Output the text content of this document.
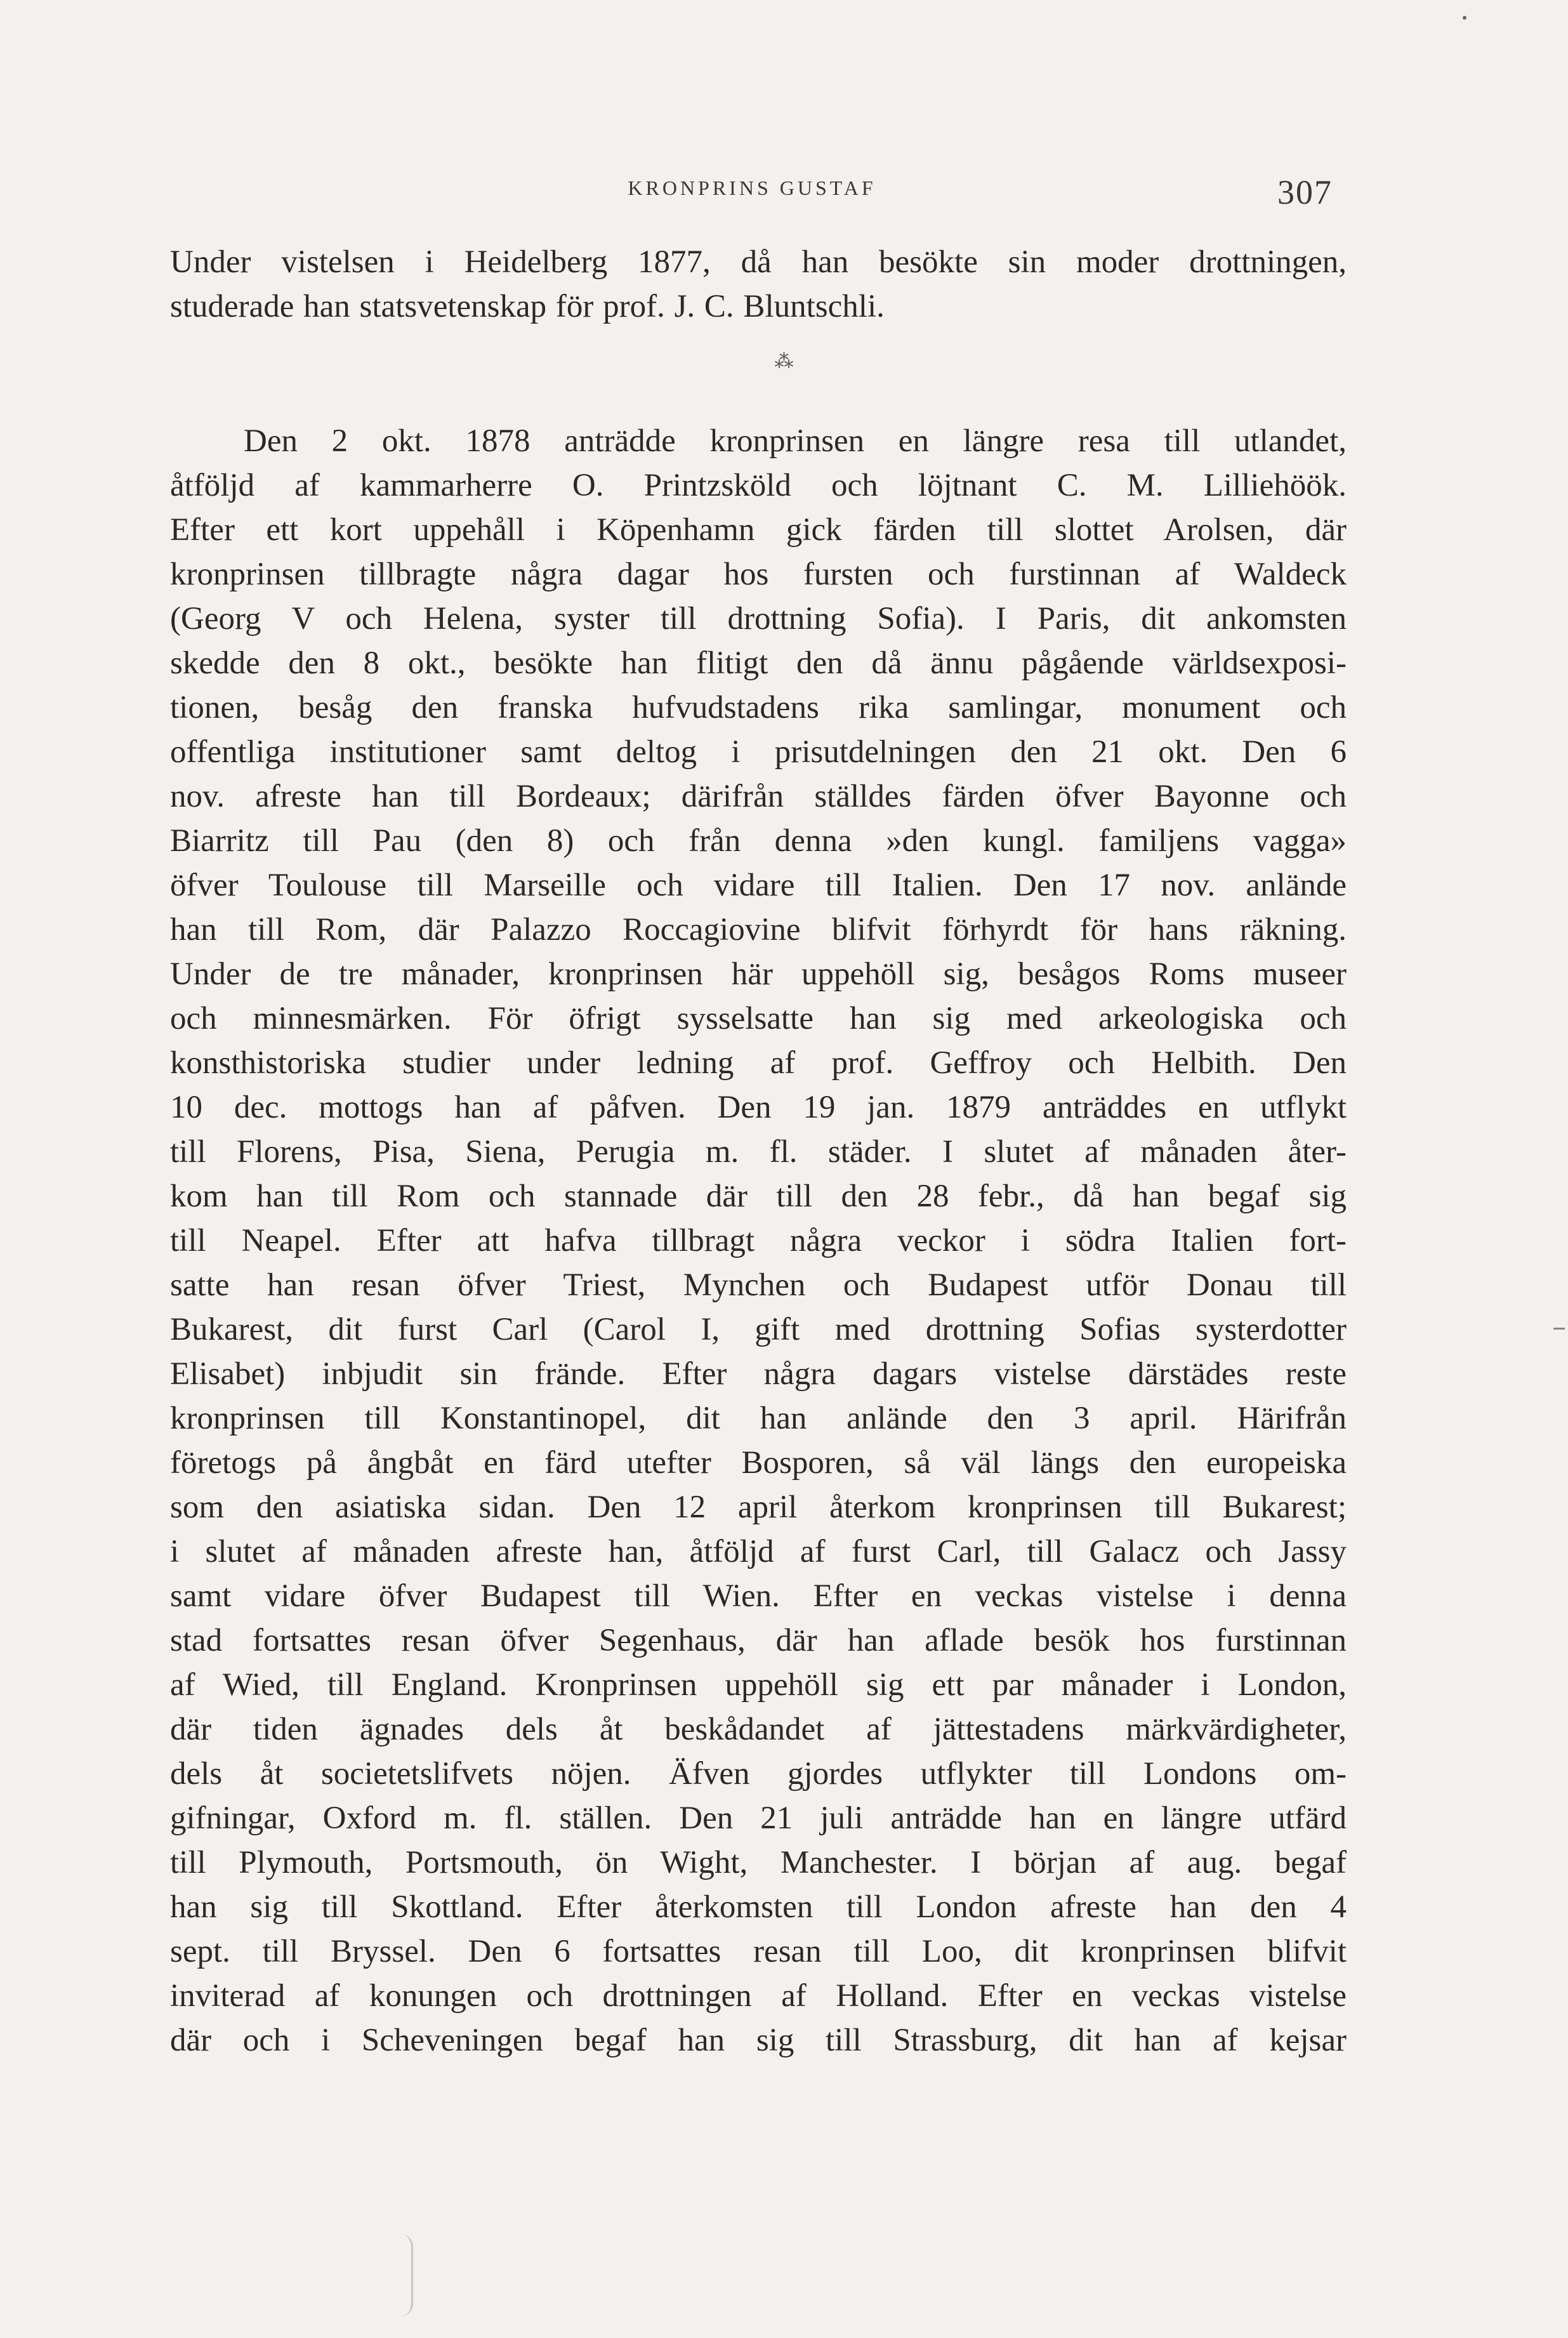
KRONPRINS GUSTAF	307
Under vistelsen i Heidelberg 1877, då han besökte sin moder drottningen,
studerade han statsvetenskap för prof. J. C. Bluntschli.
⁂
Den 2 okt. 1878 anträdde kronprinsen en längre resa till utlandet,
åtföljd af kammarherre O. Printzsköld och löjtnant C. M. Lilliehöök.
Efter ett kort uppehåll i Köpenhamn gick färden till slottet Arolsen, där
kronprinsen tillbragte några dagar hos fursten och furstinnan af Waldeck
(Georg V och Helena, syster till drottning Sofia). I Paris, dit ankomsten
skedde den 8 okt., besökte han flitigt den då ännu pågående världsexposi-
tionen, besåg den franska hufvudstadens rika samlingar, monument och
offentliga institutioner samt deltog i prisutdelningen den 21 okt. Den 6
nov. afreste han till Bordeaux; därifrån ställdes färden öfver Bayonne och
Biarritz till Pau (den 8) och från denna »den kungl. familjens vagga»
öfver Toulouse till Marseille och vidare till Italien. Den 17 nov. anlände
han till Rom, där Palazzo Roccagiovine blifvit förhyrdt för hans räkning.
Under de tre månader, kronprinsen här uppehöll sig, besågos Roms museer
och minnesmärken. För öfrigt sysselsatte han sig med arkeologiska och
konsthistoriska studier under ledning af prof. Geffroy och Helbith. Den
10 dec. mottogs han af påfven. Den 19 jan. 1879 anträddes en utflykt
till Florens, Pisa, Siena, Perugia m. fl. städer. I slutet af månaden åter-
kom han till Rom och stannade där till den 28 febr., då han begaf sig
till Neapel. Efter att hafva tillbragt några veckor i södra Italien fort-
satte han resan öfver Triest, Mynchen och Budapest utför Donau till
Bukarest, dit furst Carl (Carol I, gift med drottning Sofias systerdotter
Elisabet) inbjudit sin frände. Efter några dagars vistelse därstädes reste
kronprinsen till Konstantinopel, dit han anlände den 3 april. Härifrån
företogs på ångbåt en färd utefter Bosporen, så väl längs den europeiska
som den asiatiska sidan. Den 12 april återkom kronprinsen till Bukarest;
i slutet af månaden afreste han, åtföljd af furst Carl, till Galacz och Jassy
samt vidare öfver Budapest till Wien. Efter en veckas vistelse i denna
stad fortsattes resan öfver Segenhaus, där han aflade besök hos furstinnan
af Wied, till England. Kronprinsen uppehöll sig ett par månader i London,
där tiden ägnades dels åt beskådandet af jättestadens märkvärdigheter,
dels åt societetslifvets nöjen. Äfven gjordes utflykter till Londons om-
gifningar, Oxford m. fl. ställen. Den 21 juli anträdde han en längre utfärd
till Plymouth, Portsmouth, ön Wight, Manchester. I början af aug. begaf
han sig till Skottland. Efter återkomsten till London afreste han den 4
sept. till Bryssel. Den 6 fortsattes resan till Loo, dit kronprinsen blifvit
inviterad af konungen och drottningen af Holland. Efter en veckas vistelse
där och i Scheveningen begaf han sig till Strassburg, dit han af kejsar
